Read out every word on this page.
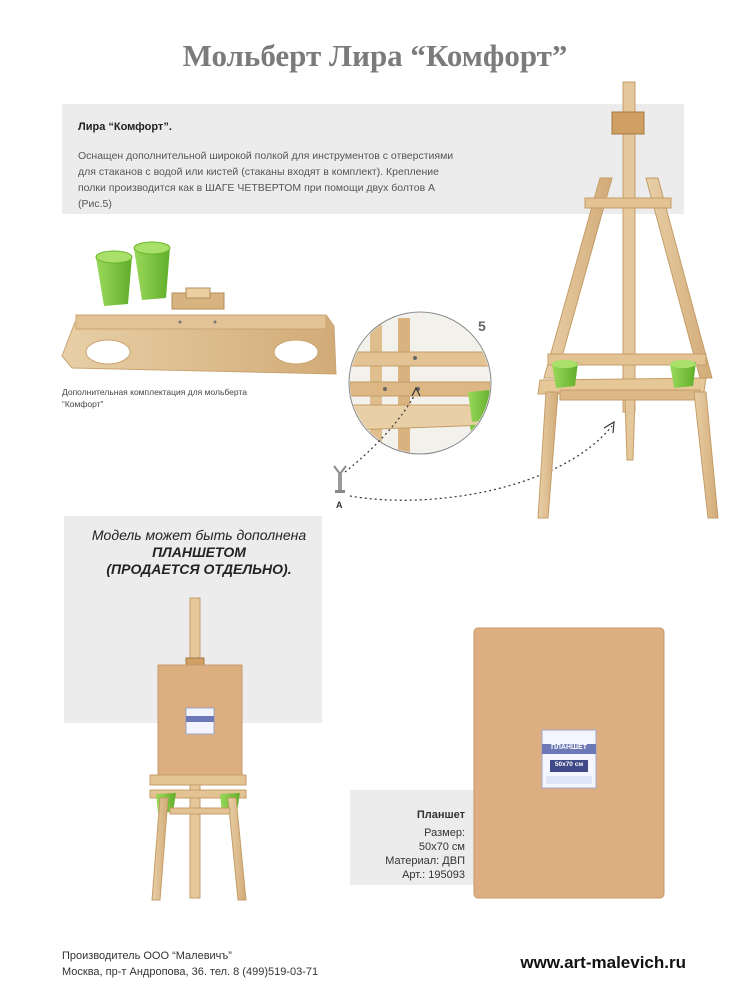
Мольберт Лира “Комфорт”
Лира “Комфорт”.
Оснащен дополнительной широкой полкой для инструментов с отверстиями для стаканов с водой или кистей (стаканы входят в комплект). Крепление полки производится как в ШАГЕ ЧЕТВЕРТОМ при помощи двух болтов А (Рис.5)
Модель может быть дополнена
ПЛАНШЕТОМ
(ПРОДАЕТСЯ ОТДЕЛЬНО).
Дополнительная комплектация для мольберта “Комфорт”
5
А
ПЛАНШЕТ
50x70 см
Планшет
Размер:
50х70 см
Материал: ДВП
Арт.: 195093
Производитель ООО “Малевичъ”
Москва, пр-т Андропова, 36. тел. 8 (499)519-03-71	www.art-malevich.ru
